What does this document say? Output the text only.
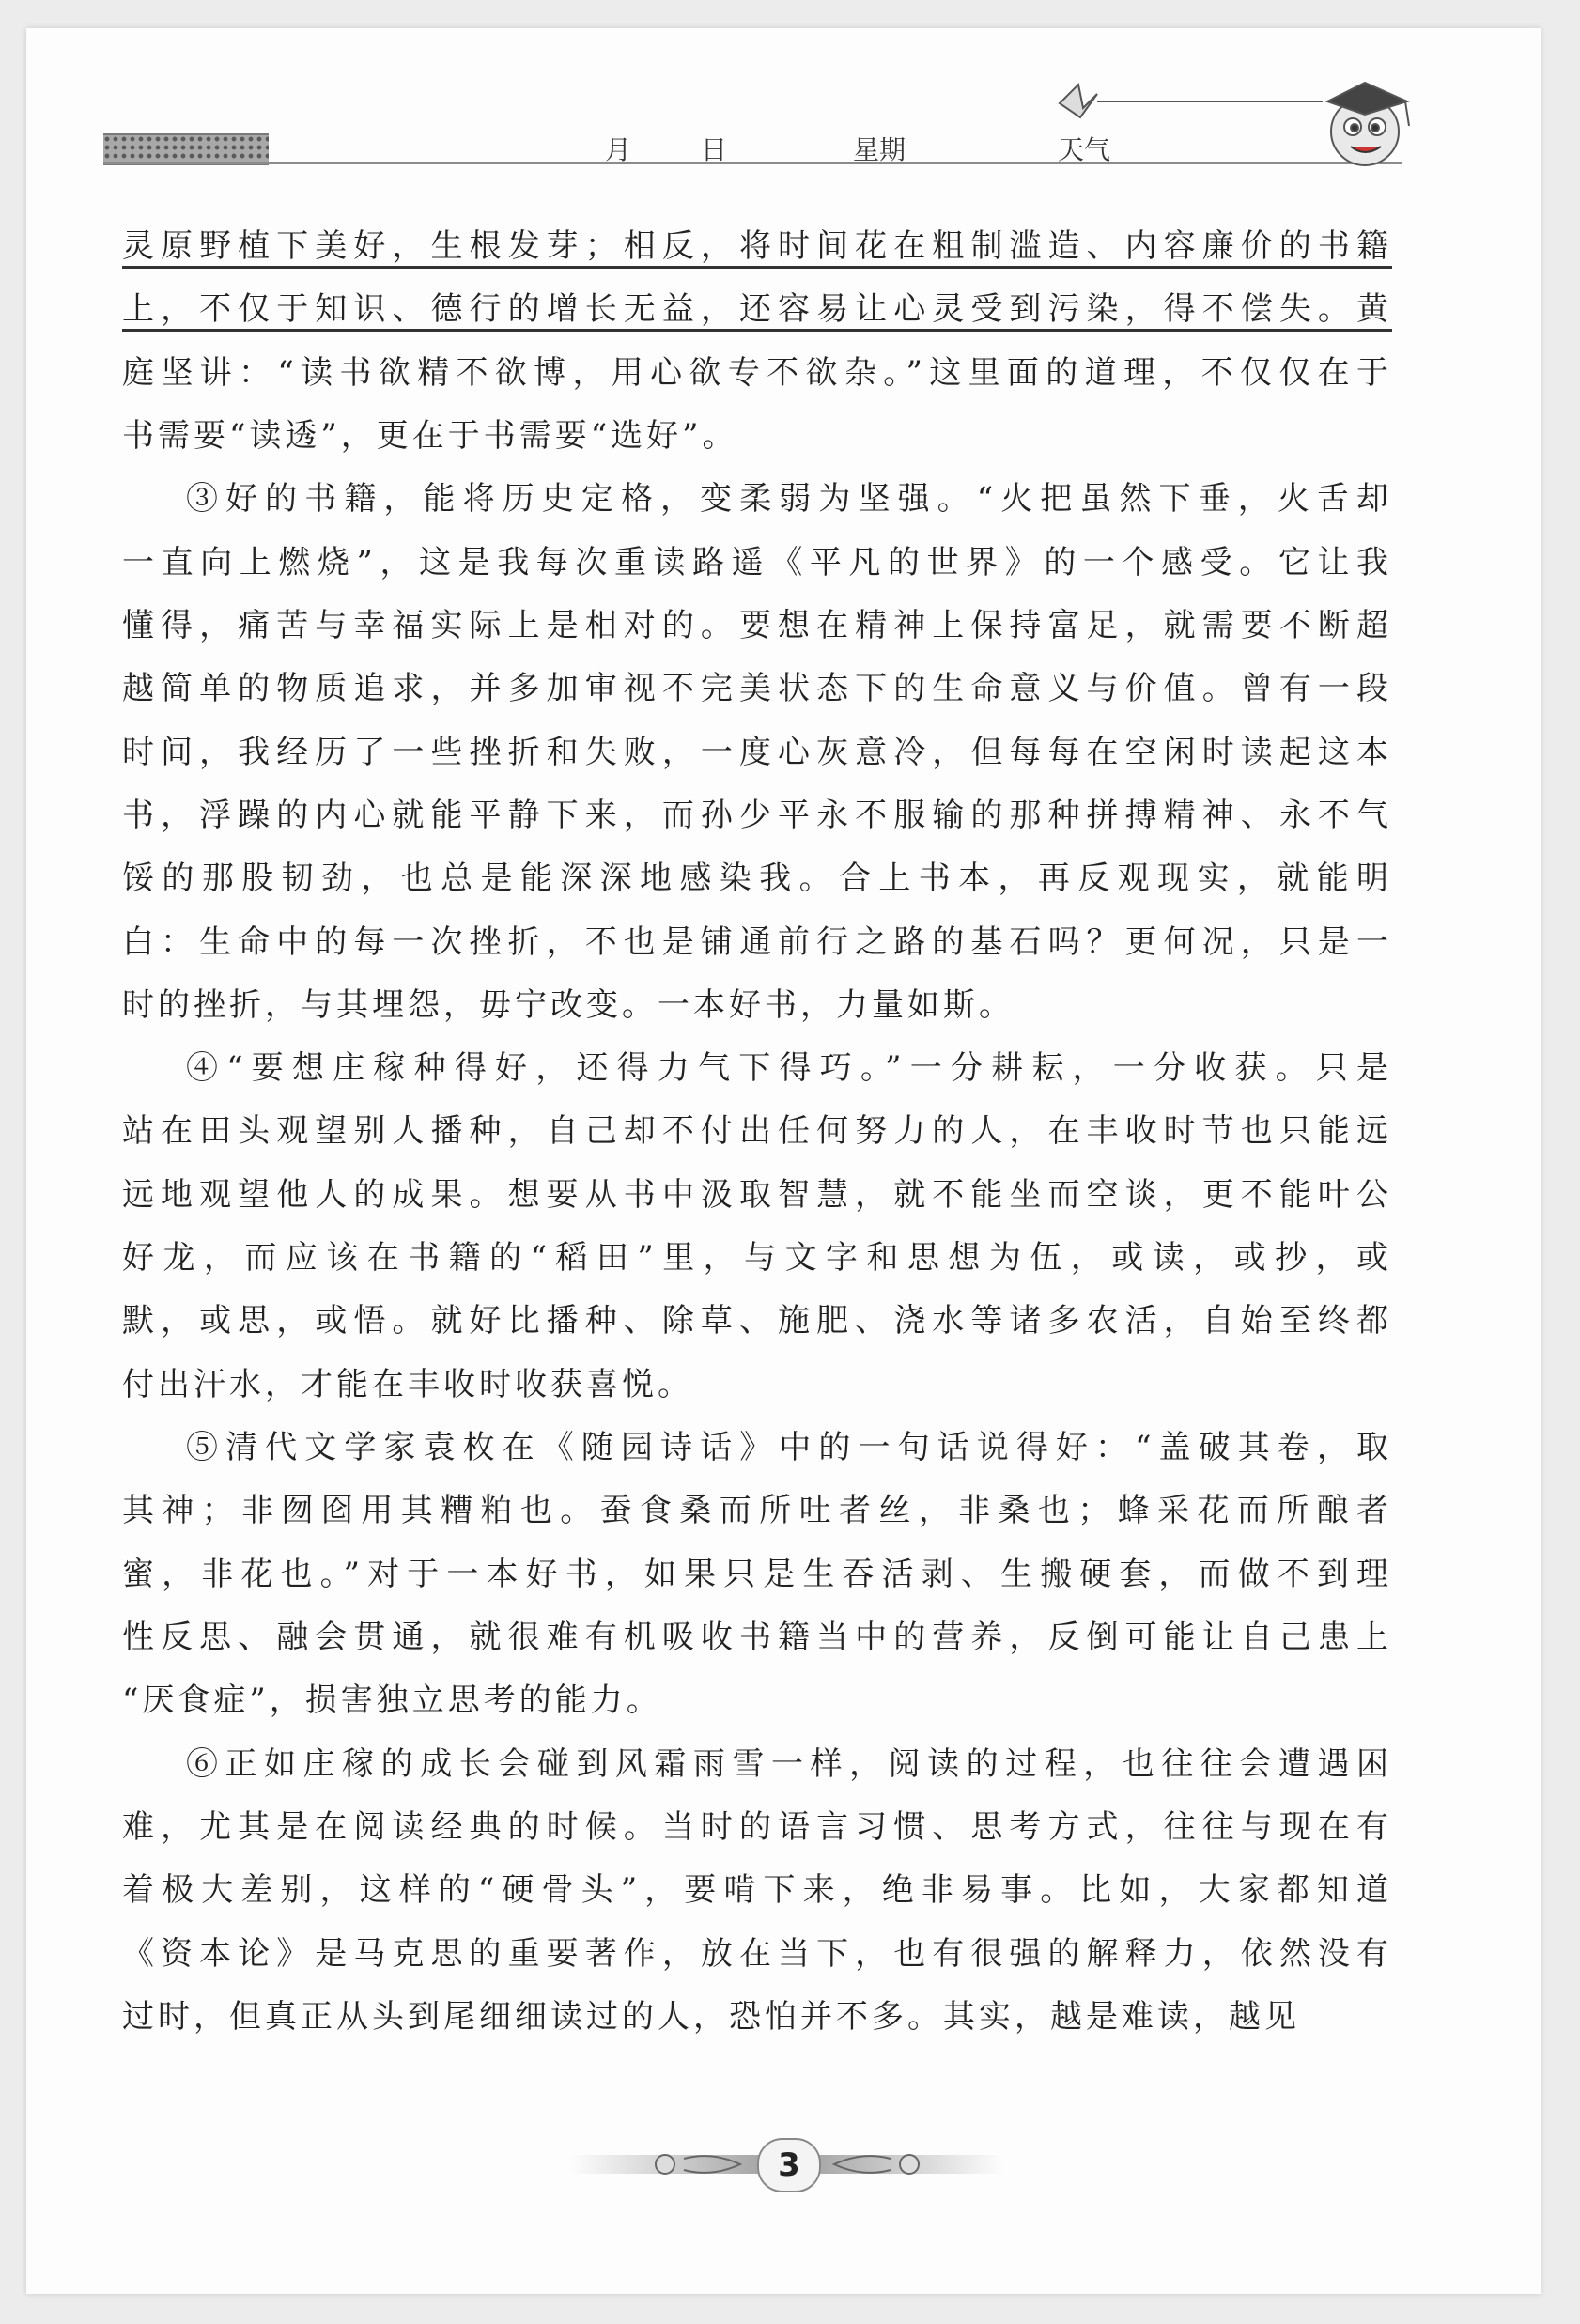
月	日	星期	天气
灵原野植下美好，生根发芽；相反，将时间花在粗制滥造、内容廉价的书籍
上，不仅于知识、德行的增长无益，还容易让心灵受到污染，得不偿失。黄
庭坚讲：“读书欲精不欲博，用心欲专不欲杂。”这里面的道理，不仅仅在于
书需要“读透”，更在于书需要“选好”。
③好的书籍，能将历史定格，变柔弱为坚强。“火把虽然下垂，火舌却
一直向上燃烧”，这是我每次重读路遥《平凡的世界》的一个感受。它让我
懂得，痛苦与幸福实际上是相对的。要想在精神上保持富足，就需要不断超
越简单的物质追求，并多加审视不完美状态下的生命意义与价值。曾有一段
时间，我经历了一些挫折和失败，一度心灰意冷，但每每在空闲时读起这本
书，浮躁的内心就能平静下来，而孙少平永不服输的那种拼搏精神、永不气
馁的那股韧劲，也总是能深深地感染我。合上书本，再反观现实，就能明
白：生命中的每一次挫折，不也是铺通前行之路的基石吗？更何况，只是一
时的挫折，与其埋怨，毋宁改变。一本好书，力量如斯。
④“要想庄稼种得好，还得力气下得巧。”一分耕耘，一分收获。只是
站在田头观望别人播种，自己却不付出任何努力的人，在丰收时节也只能远
远地观望他人的成果。想要从书中汲取智慧，就不能坐而空谈，更不能叶公
好龙，而应该在书籍的“稻田”里，与文字和思想为伍，或读，或抄，或
默，或思，或悟。就好比播种、除草、施肥、浇水等诸多农活，自始至终都
付出汗水，才能在丰收时收获喜悦。
⑤清代文学家袁枚在《随园诗话》中的一句话说得好：“盖破其卷，取
其神；非囫囵用其糟粕也。蚕食桑而所吐者丝，非桑也；蜂采花而所酿者
蜜，非花也。”对于一本好书，如果只是生吞活剥、生搬硬套，而做不到理
性反思、融会贯通，就很难有机吸收书籍当中的营养，反倒可能让自己患上
“厌食症”，损害独立思考的能力。
⑥正如庄稼的成长会碰到风霜雨雪一样，阅读的过程，也往往会遭遇困
难，尤其是在阅读经典的时候。当时的语言习惯、思考方式，往往与现在有
着极大差别，这样的“硬骨头”，要啃下来，绝非易事。比如，大家都知道
《资本论》是马克思的重要著作，放在当下，也有很强的解释力，依然没有
过时，但真正从头到尾细细读过的人，恐怕并不多。其实，越是难读，越见
3
